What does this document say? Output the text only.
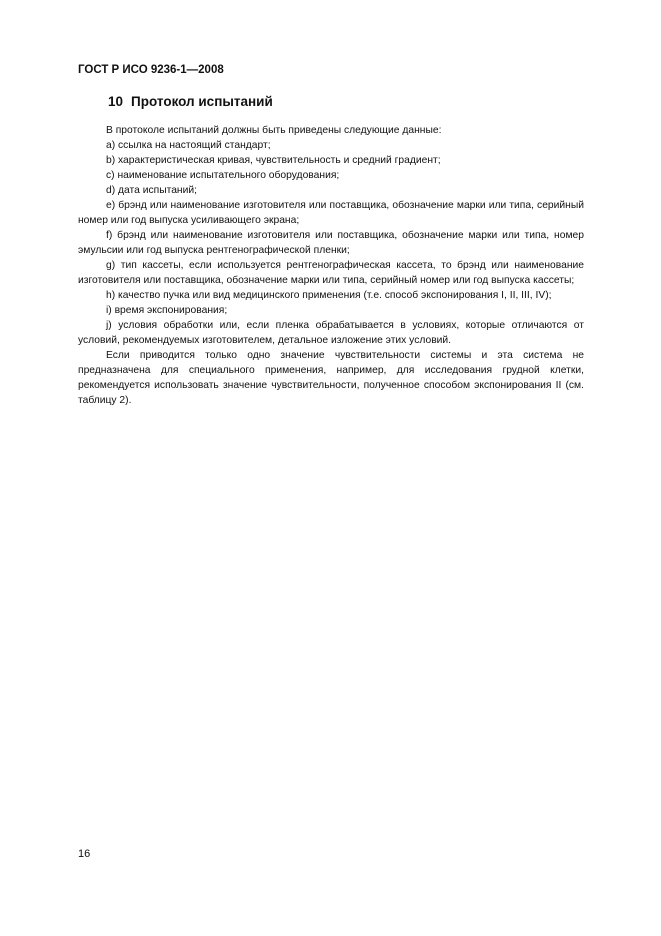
ГОСТ Р ИСО 9236-1—2008
10 Протокол испытаний

В протоколе испытаний должны быть приведены следующие данные:

a) ссылка на настоящий стандарт;

b) характеристическая кривая, чувствительность и средний градиент;

c) наименование испытательного оборудования;

d) дата испытаний;

e) брэнд или наименование изготовителя или поставщика, обозначение марки или типа, серийный номер или год выпуска усиливающего экрана;

f) брэнд или наименование изготовителя или поставщика, обозначение марки или типа, номер эмульсии или год выпуска рентгенографической пленки;

g) тип кассеты, если используется рентгенографическая кассета, то брэнд или наименование изготовителя или поставщика, обозначение марки или типа, серийный номер или год выпуска кассеты;

h) качество пучка или вид медицинского применения (т.е. способ экспонирования I, II, III, IV);

i) время экспонирования;

j) условия обработки или, если пленка обрабатывается в условиях, которые отличаются от условий, рекомендуемых изготовителем, детальное изложение этих условий.

Если приводится только одно значение чувствительности системы и эта система не предназначена для специального применения, например, для исследования грудной клетки, рекомендуется использовать значение чувствительности, полученное способом экспонирования II (см. таблицу 2).

16
